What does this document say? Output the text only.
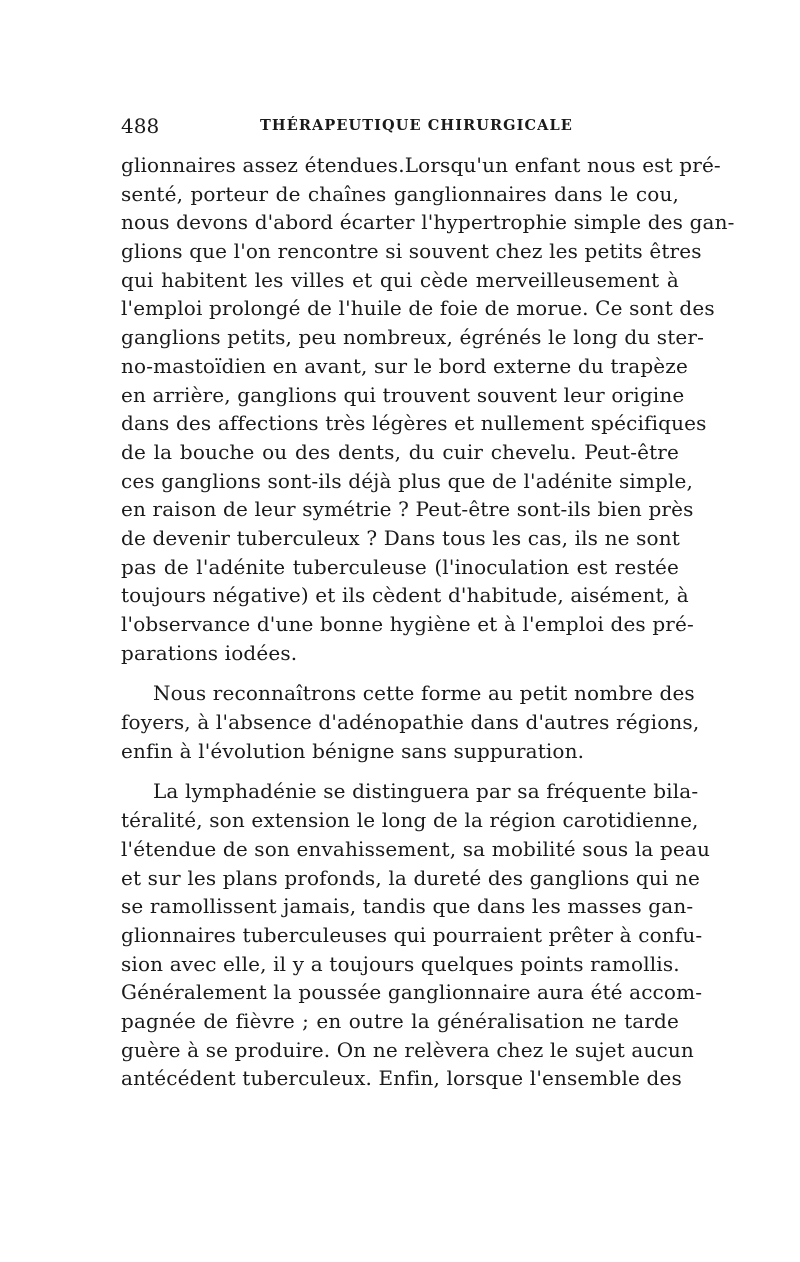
488	THÉRAPEUTIQUE CHIRURGICALE
glionnaires assez étendues.Lorsqu'un enfant nous est pré-
senté, porteur de chaînes ganglionnaires dans le cou,
nous devons d'abord écarter l'hypertrophie simple des gan-
glions que l'on rencontre si souvent chez les petits êtres
qui habitent les villes et qui cède merveilleusement à
l'emploi prolongé de l'huile de foie de morue. Ce sont des
ganglions petits, peu nombreux, égrénés le long du ster-
no-mastoïdien en avant, sur le bord externe du trapèze
en arrière, ganglions qui trouvent souvent leur origine
dans des affections très légères et nullement spécifiques
de la bouche ou des dents, du cuir chevelu. Peut-être
ces ganglions sont-ils déjà plus que de l'adénite simple,
en raison de leur symétrie ? Peut-être sont-ils bien près
de devenir tuberculeux ? Dans tous les cas, ils ne sont
pas de l'adénite tuberculeuse (l'inoculation est restée
toujours négative) et ils cèdent d'habitude, aisément, à
l'observance d'une bonne hygiène et à l'emploi des pré-
parations iodées.
Nous reconnaîtrons cette forme au petit nombre des
foyers, à l'absence d'adénopathie dans d'autres régions,
enfin à l'évolution bénigne sans suppuration.
La lymphadénie se distinguera par sa fréquente bila-
téralité, son extension le long de la région carotidienne,
l'étendue de son envahissement, sa mobilité sous la peau
et sur les plans profonds, la dureté des ganglions qui ne
se ramollissent jamais, tandis que dans les masses gan-
glionnaires tuberculeuses qui pourraient prêter à confu-
sion avec elle, il y a toujours quelques points ramollis.
Généralement la poussée ganglionnaire aura été accom-
pagnée de fièvre ; en outre la généralisation ne tarde
guère à se produire. On ne relèvera chez le sujet aucun
antécédent tuberculeux. Enfin, lorsque l'ensemble des
